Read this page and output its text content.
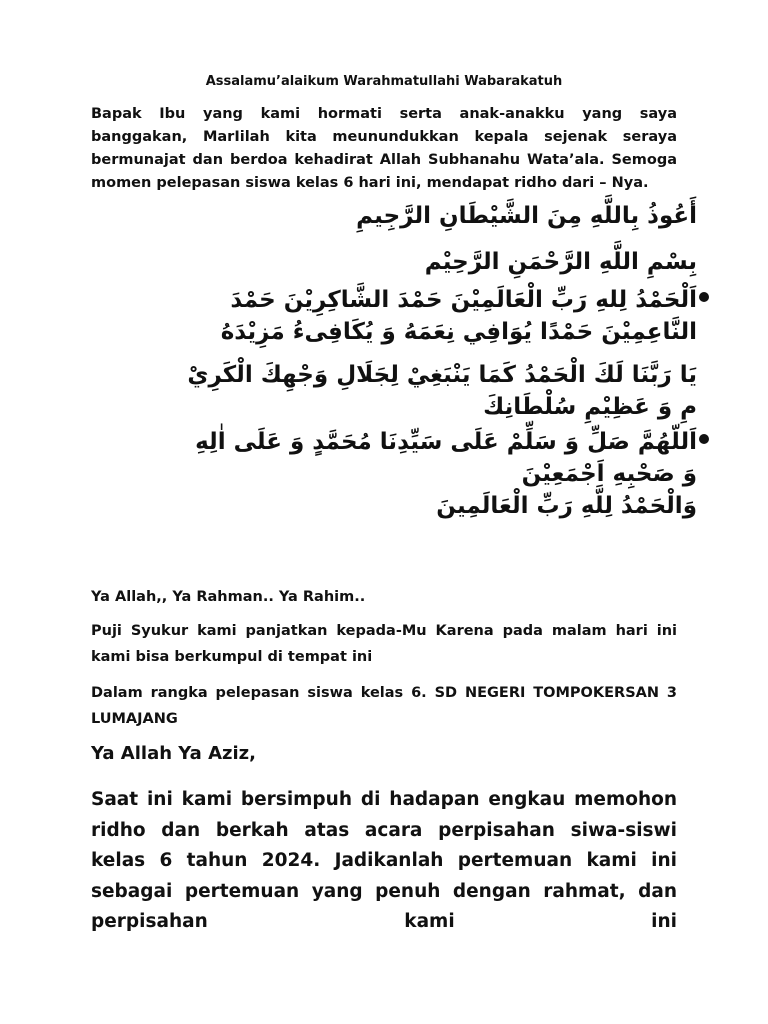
Assalamu’alaikum Warahmatullahi Wabarakatuh
Bapak Ibu yang kami hormati serta anak-anakku yang saya banggakan, MarIilah kita meunundukkan kepala sejenak seraya bermunajat dan berdoa kehadirat Allah Subhanahu Wata’ala. Semoga momen pelepasan siswa kelas 6 hari ini, mendapat ridho dari – Nya.
أَعُوذُ بِاللَّهِ مِنَ الشَّيْطَانِ الرَّجِيمِ
بِسْمِ اللَّهِ الرَّحْمَنِ الرَّحِيْم
اَلْحَمْدُ لِلهِ رَبِّ الْعَالَمِيْنَ حَمْدَ الشَّاكِرِيْنَ حَمْدَ
النَّاعِمِيْنَ حَمْدًا يُوَافِي نِعَمَهُ وَ يُكَافِىءُ مَزِيْدَهُ
يَا رَبَّنَا لَكَ الْحَمْدُ كَمَا يَنْبَغِيْ لِجَلَالِ وَجْهِكَ الْكَرِيْ
مِ وَ عَظِيْمِ سُلْطَانِكَ
اَللّهُمَّ صَلِّ وَ سَلِّمْ عَلَى سَيِّدِنَا مُحَمَّدٍ وَ عَلَى اٰلِهِ
وَ صَحْبِهِ اَجْمَعِيْنَ
وَالْحَمْدُ لِلَّهِ رَبِّ الْعَالَمِينَ
Ya Allah,, Ya Rahman.. Ya Rahim..
Puji Syukur kami panjatkan kepada-Mu Karena pada malam hari ini kami bisa berkumpul di tempat ini
Dalam rangka pelepasan siswa kelas 6. SD NEGERI TOMPOKERSAN 3 LUMAJANG
Ya Allah Ya Aziz,
Saat ini kami bersimpuh di hadapan engkau memohon ridho dan berkah atas acara perpisahan siwa-siswi kelas 6 tahun 2024. Jadikanlah pertemuan kami ini sebagai pertemuan yang penuh dengan rahmat, dan perpisahan kami ini
